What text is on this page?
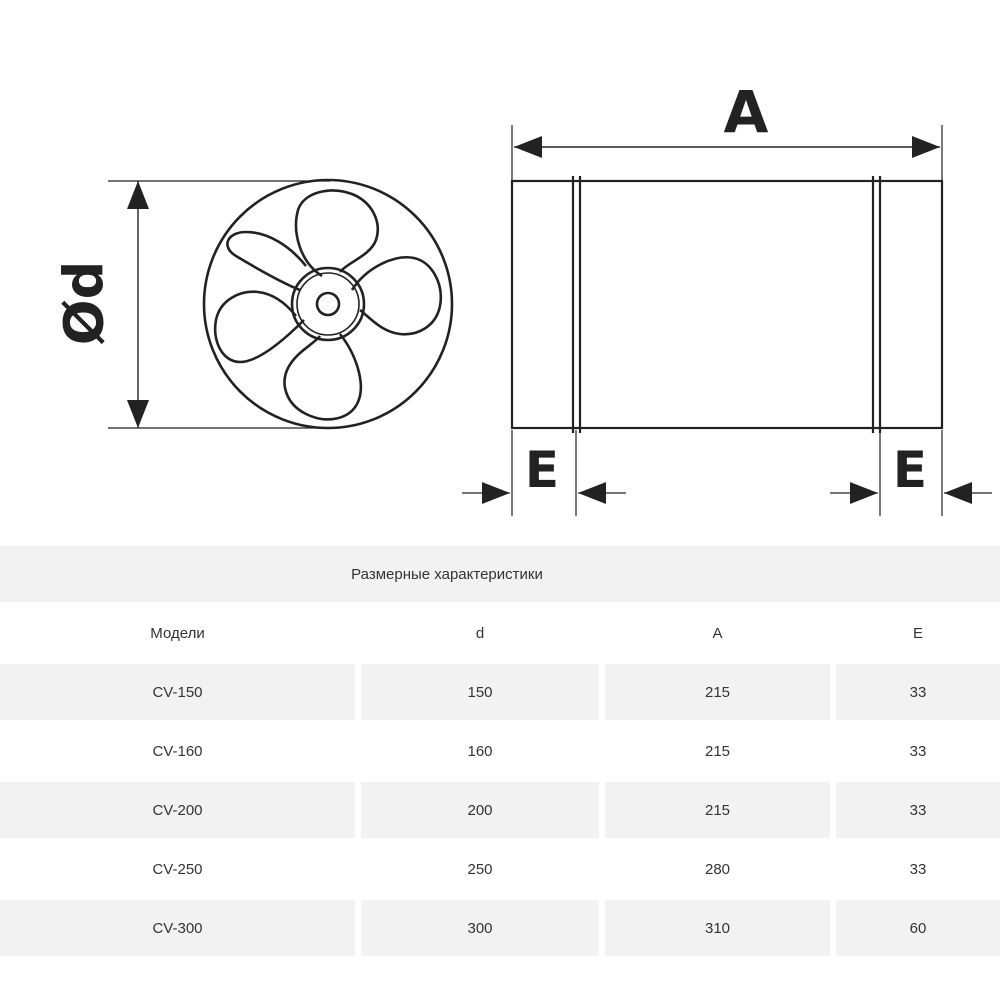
Ød
A
E	E
Размерные характеристики
Модели	d	A	E
CV-150	150	215	33
CV-160	160	215	33
CV-200	200	215	33
CV-250	250	280	33
CV-300	300	310	60
